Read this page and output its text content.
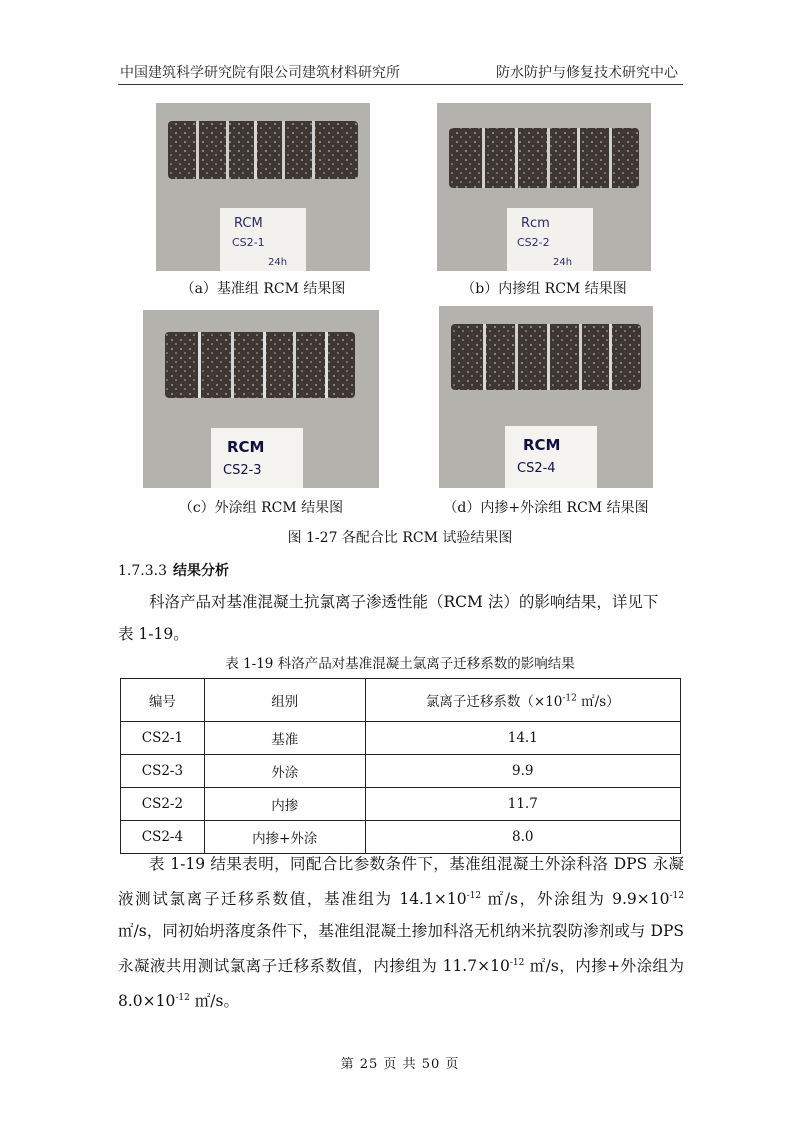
中国建筑科学研究院有限公司建筑材料研究所	防水防护与修复技术研究中心
RCM
CS2-1
24h
（a）基准组 RCM 结果图
Rcm
CS2-2
24h
（b）内掺组 RCM 结果图
RCM
CS2-3
（c）外涂组 RCM 结果图
RCM
CS2-4
（d）内掺+外涂组 RCM 结果图
图 1-27 各配合比 RCM 试验结果图
1.7.3.3 结果分析
科洛产品对基准混凝土抗氯离子渗透性能（RCM 法）的影响结果，详见下
表 1-19。
表 1-19 科洛产品对基准混凝土氯离子迁移系数的影响结果
编号	组别	氯离子迁移系数（$\times 10^{-12}$ ㎡/s）
CS2-1	基准	14.1
CS2-3	外涂	9.9
CS2-2	内掺	11.7
CS2-4	内掺+外涂	8.0
表 1-19 结果表明，同配合比参数条件下，基准组混凝土外涂科洛 DPS 永凝液测试氯离子迁移系数值，基准组为 $14.1\times 10^{-12}$ ㎡/s，外涂组为 $9.9\times 10^{-12}$ ㎡/s，同初始坍落度条件下，基准组混凝土掺加科洛无机纳米抗裂防渗剂或与 DPS 永凝液共用测试氯离子迁移系数值，内掺组为 $11.7\times 10^{-12}$ ㎡/s，内掺+外涂组为 $8.0\times 10^{-12}$ ㎡/s。
第 25 页 共 50 页
